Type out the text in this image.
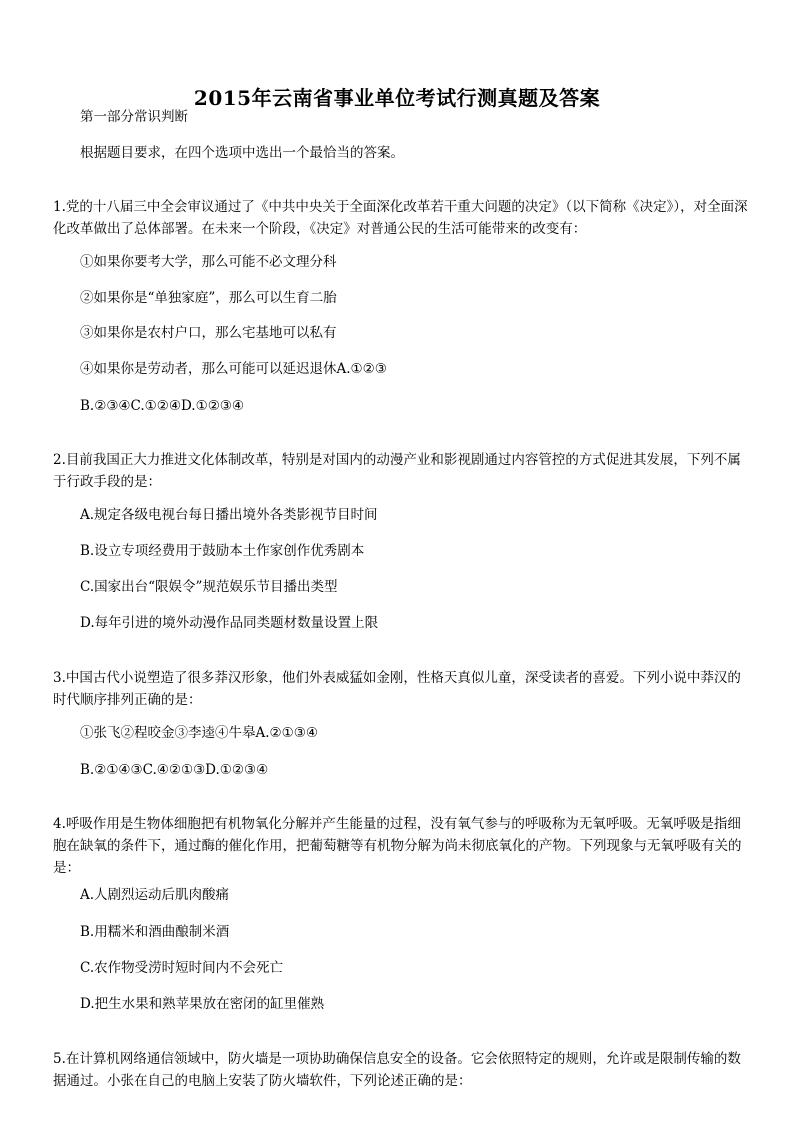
2015年云南省事业单位考试行测真题及答案
第一部分常识判断
根据题目要求，在四个选项中选出一个最恰当的答案。
1.党的十八届三中全会审议通过了《中共中央关于全面深化改革若干重大问题的决定》（以下简称《决定》），对全面深化改革做出了总体部署。在未来一个阶段，《决定》对普通公民的生活可能带来的改变有：
①如果你要考大学，那么可能不必文理分科
②如果你是“单独家庭”，那么可以生育二胎
③如果你是农村户口，那么宅基地可以私有
④如果你是劳动者，那么可能可以延迟退休A.①②③
B.②③④C.①②④D.①②③④
2.目前我国正大力推进文化体制改革，特别是对国内的动漫产业和影视剧通过内容管控的方式促进其发展，下列不属于行政手段的是：
A.规定各级电视台每日播出境外各类影视节目时间
B.设立专项经费用于鼓励本土作家创作优秀剧本
C.国家出台“限娱令”规范娱乐节目播出类型
D.每年引进的境外动漫作品同类题材数量设置上限
3.中国古代小说塑造了很多莽汉形象，他们外表威猛如金刚，性格天真似儿童，深受读者的喜爱。下列小说中莽汉的时代顺序排列正确的是：
①张飞②程咬金③李逵④牛皋A.②①③④
B.②①④③C.④②①③D.①②③④
4.呼吸作用是生物体细胞把有机物氧化分解并产生能量的过程，没有氧气参与的呼吸称为无氧呼吸。无氧呼吸是指细胞在缺氧的条件下，通过酶的催化作用，把葡萄糖等有机物分解为尚未彻底氧化的产物。下列现象与无氧呼吸有关的是：
A.人剧烈运动后肌肉酸痛
B.用糯米和酒曲酿制米酒
C.农作物受涝时短时间内不会死亡
D.把生水果和熟苹果放在密闭的缸里催熟
5.在计算机网络通信领域中，防火墙是一项协助确保信息安全的设备。它会依照特定的规则，允许或是限制传输的数据通过。小张在自己的电脑上安装了防火墙软件，下列论述正确的是：
